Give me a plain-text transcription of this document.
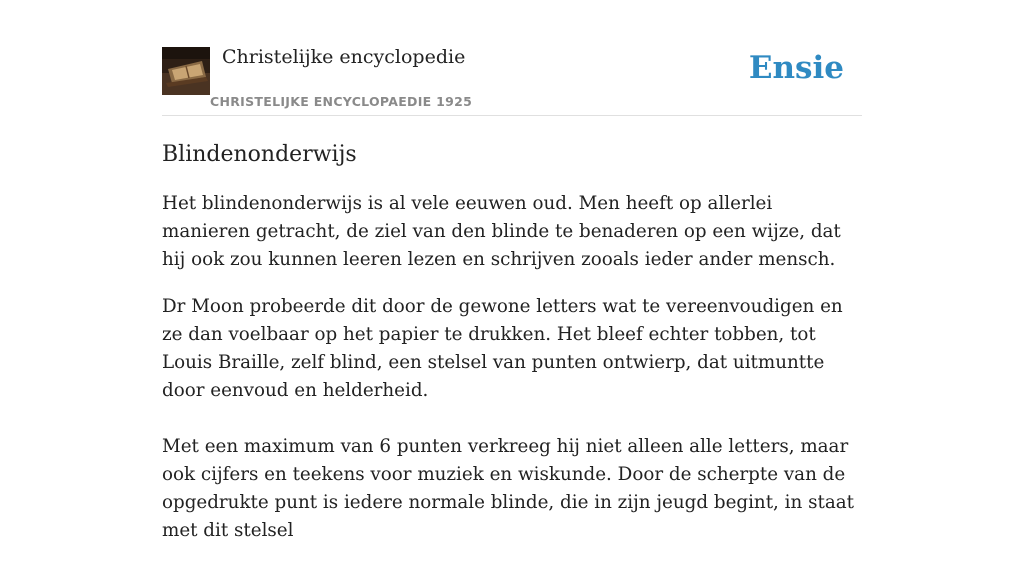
Christelijke encyclopedie
CHRISTELIJKE ENCYCLOPAEDIE 1925
Ensie
Blindenonderwijs

Het blindenonderwijs is al vele eeuwen oud. Men heeft op allerlei manieren getracht, de ziel van den blinde te benaderen op een wijze, dat hij ook zou kunnen leeren lezen en schrijven zooals ieder ander mensch.

Dr Moon probeerde dit door de gewone letters wat te vereenvoudigen en ze dan voelbaar op het papier te drukken. Het bleef echter tobben, tot Louis Braille, zelf blind, een stelsel van punten ontwierp, dat uitmuntte door eenvoud en helderheid.

Met een maximum van 6 punten verkreeg hij niet alleen alle letters, maar ook cijfers en teekens voor muziek en wiskunde. Door de scherpte van de opgedrukte punt is iedere normale blinde, die in zijn jeugd begint, in staat met dit stelsel
